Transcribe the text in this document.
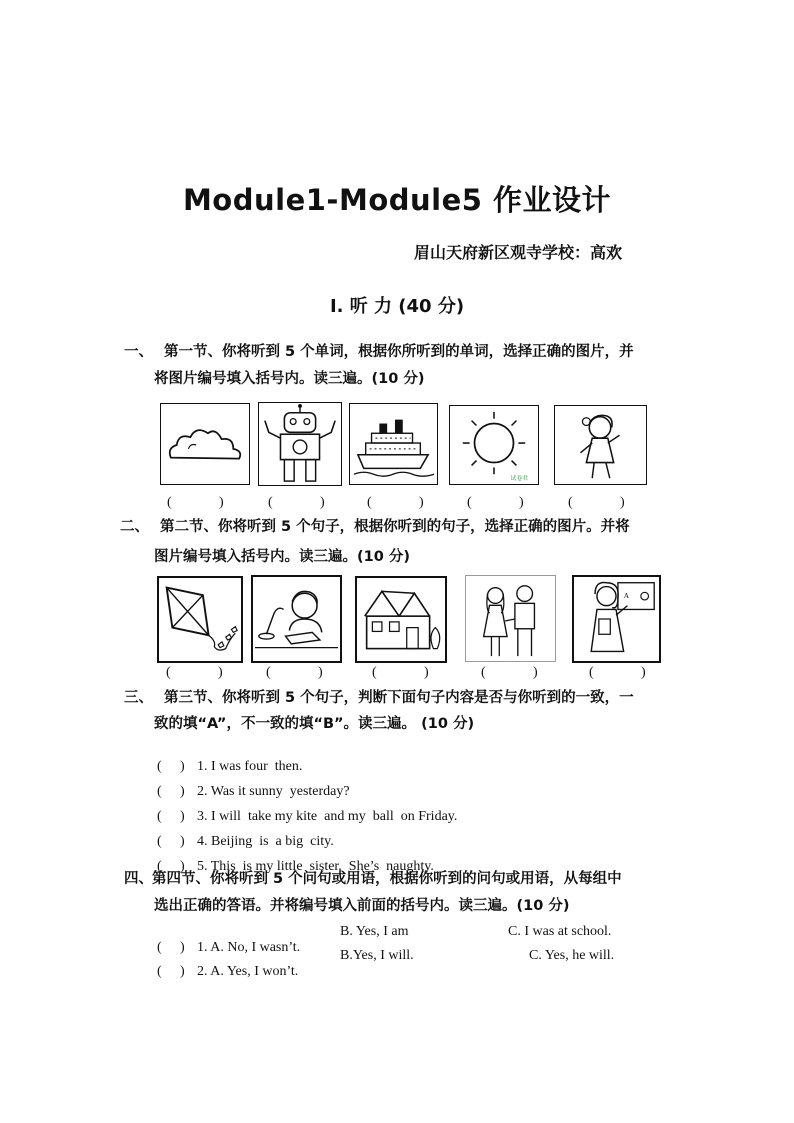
Module1-Module5 作业设计
眉山天府新区观寺学校：高欢
Ⅰ. 听 力 (40 分)
一、 第一节、你将听到 5 个单词，根据你所听到的单词，选择正确的图片，并
将图片编号填入括号内。读三遍。(10 分)
试卷君
(	)	(	)	(	)	(	)	(	)
二、 第二节、你将听到 5 个句子，根据你听到的句子，选择正确的图片。并将
图片编号填入括号内。读三遍。(10 分)
A
(	)	(	)	(	)	(	)	(	)
三、 第三节、你将听到 5 个句子，判断下面句子内容是否与你听到的一致，一
致的填“A”，不一致的填“B”。读三遍。 (10 分)

( ) 1. I was four  then.

( ) 2. Was it sunny  yesterday?

( ) 3. I will  take my kite  and my  ball  on Friday.

( ) 4. Beijing  is  a big  city.

( ) 5. This  is my little  sister.  She’s  naughty.

四、 第四节、你将听到 5 个问句或用语，根据你听到的问句或用语，从每组中
选出正确的答语。并将编号填入前面的括号内。读三遍。(10 分)

( ) 1. A. No, I wasn’t.

B. Yes, I am	C. I was at school.

( ) 2. A. Yes, I won’t.

B.Yes, I will.	C. Yes, he will.
